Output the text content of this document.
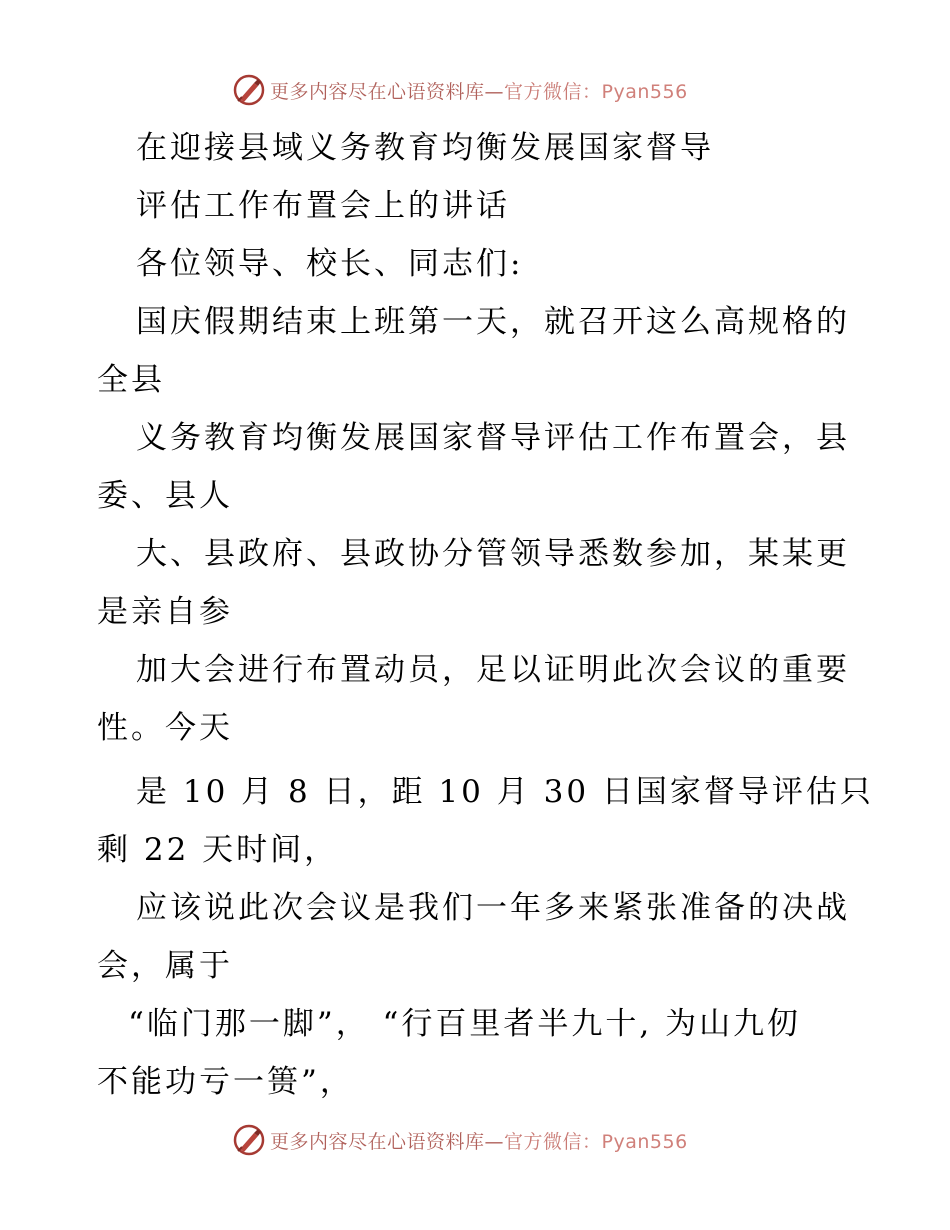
更多内容尽在心语资料库—官方微信：Pyan556
在迎接县域义务教育均衡发展国家督导
评估工作布置会上的讲话
各位领导、校长、同志们:
国庆假期结束上班第一天，就召开这么高规格的
全县
义务教育均衡发展国家督导评估工作布置会，县
委、县人
大、县政府、县政协分管领导悉数参加，某某更
是亲自参
加大会进行布置动员，足以证明此次会议的重要
性。今天
是 10 月 8 日，距 10 月 30 日国家督导评估只
剩 22 天时间，
应该说此次会议是我们一年多来紧张准备的决战
会，属于
“临门那一脚”， “行百里者半九十, 为山九仞
不能功亏一篑”，
更多内容尽在心语资料库—官方微信：Pyan556
